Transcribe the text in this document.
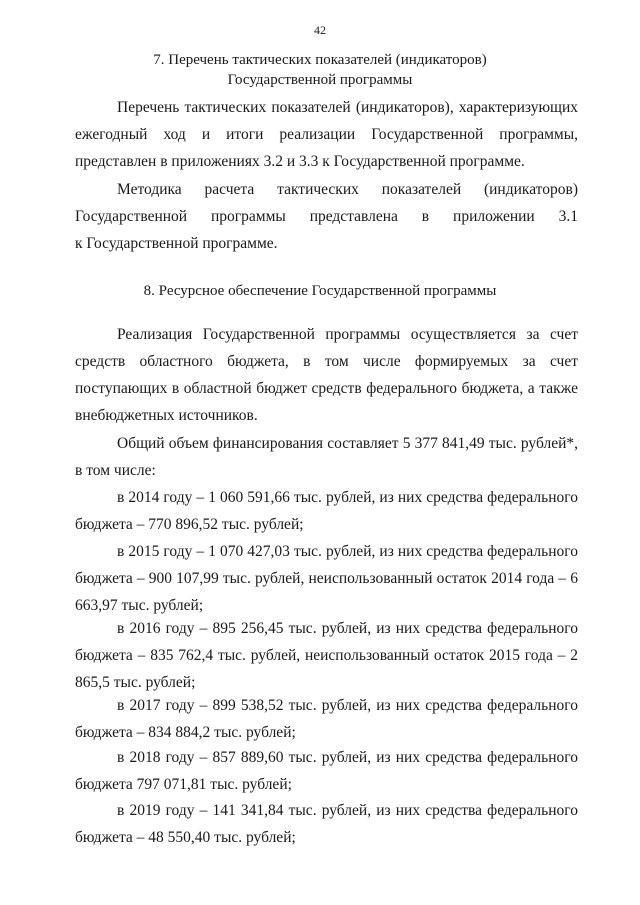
42
7. Перечень тактических показателей (индикаторов)
Государственной программы

Перечень тактических показателей (индикаторов), характеризующих ежегодный ход и итоги реализации Государственной программы, представлен в приложениях 3.2 и 3.3 к Государственной программе.

Методика расчета тактических показателей (индикаторов) Государственной программы представлена в приложении 3.1
к Государственной программе.
8. Ресурсное обеспечение Государственной программы

Реализация Государственной программы осуществляется за счет средств областного бюджета, в том числе формируемых за счет поступающих в областной бюджет средств федерального бюджета, а также внебюджетных источников.

Общий объем финансирования составляет 5 377 841,49 тыс. рублей*, в том числе:

в 2014 году – 1 060 591,66 тыс. рублей, из них средства федерального бюджета – 770 896,52 тыс. рублей;

в 2015 году – 1 070 427,03 тыс. рублей, из них средства федерального бюджета – 900 107,99 тыс. рублей, неиспользованный остаток 2014 года – 6 663,97 тыс. рублей;

в 2016 году – 895 256,45 тыс. рублей, из них средства федерального бюджета – 835 762,4 тыс. рублей, неиспользованный остаток 2015 года – 2 865,5 тыс. рублей;

в 2017 году – 899 538,52 тыс. рублей, из них средства федерального бюджета – 834 884,2 тыс. рублей;

в 2018 году – 857 889,60 тыс. рублей, из них средства федерального бюджета 797 071,81 тыс. рублей;

в 2019 году – 141 341,84 тыс. рублей, из них средства федерального бюджета – 48 550,40 тыс. рублей;
